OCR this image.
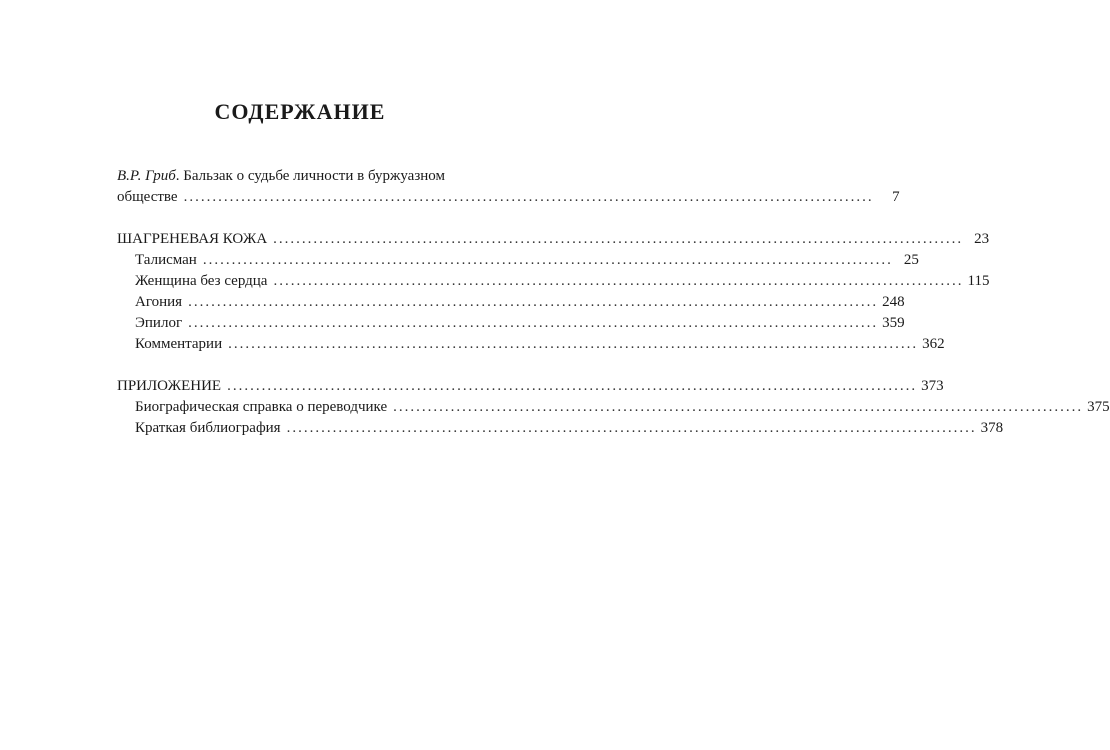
СОДЕРЖАНИЕ
В.Р. Гриб. Бальзак о судьбе личности в буржуазном
обществе ........................................................................................................................	7
ШАГРЕНЕВАЯ КОЖА ........................................................................................................................ 23
Талисман ........................................................................................................................ 25
Женщина без сердца ........................................................................................................................ 115
Агония ........................................................................................................................ 248
Эпилог ........................................................................................................................ 359
Комментарии ........................................................................................................................ 362
ПРИЛОЖЕНИЕ ........................................................................................................................ 373
Биографическая справка о переводчике ........................................................................................................................ 375
Краткая библиография ........................................................................................................................ 378
